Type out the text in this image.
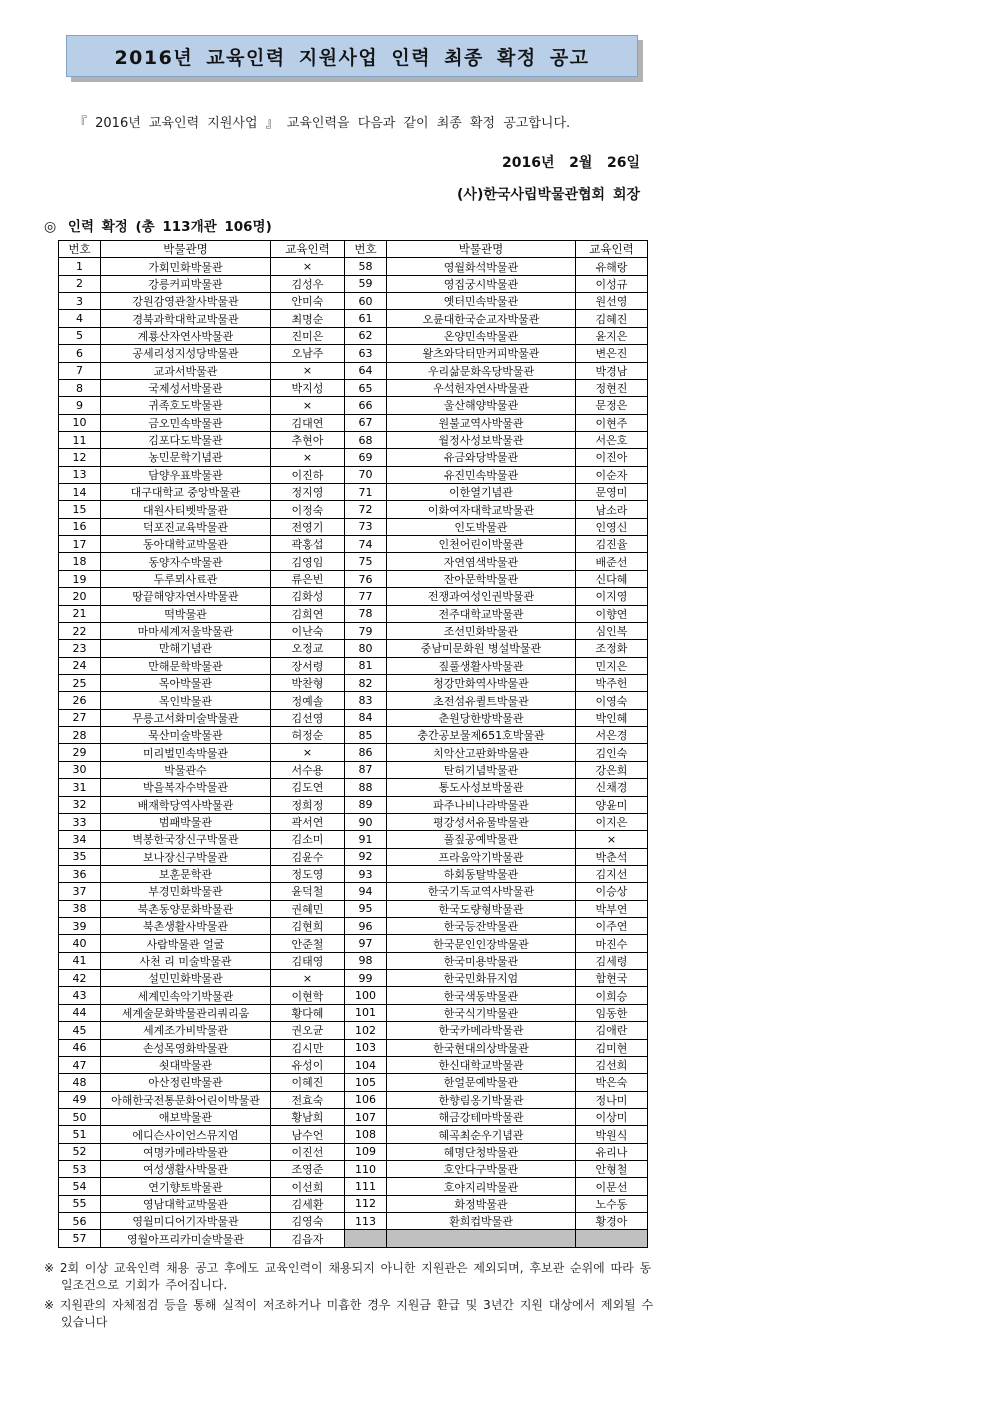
2016년 교육인력 지원사업 인력 최종 확정 공고
『 2016년 교육인력 지원사업 』 교육인력을 다음과 같이 최종 확정 공고합니다.
2016년   2월   26일
(사)한국사립박물관협회 회장
◎ 인력 확정 (총 113개관 106명)
번호	박물관명	교육인력	번호	박물관명	교육인력
1	가회민화박물관	×	58	영월화석박물관	유해랑
2	강릉커피박물관	김성우	59	영집궁시박물관	이성규
3	강원감영관찰사박물관	안미숙	60	옛터민속박물관	원선영
4	경북과학대학교박물관	최명순	61	오륜대한국순교자박물관	김혜진
5	계룡산자연사박물관	진미은	62	온양민속박물관	윤지은
6	공세리성지성당박물관	오남주	63	왈츠와닥터만커피박물관	변은진
7	교과서박물관	×	64	우리삶문화옥당박물관	박경남
8	국제성서박물관	박지성	65	우석헌자연사박물관	정현진
9	귀족호도박물관	×	66	울산해양박물관	문정은
10	금오민속박물관	김대연	67	원불교역사박물관	이현주
11	김포다도박물관	추현아	68	월정사성보박물관	서은호
12	농민문학기념관	×	69	유금와당박물관	이진아
13	담양우표박물관	이진하	70	유진민속박물관	이순자
14	대구대학교 중앙박물관	정지영	71	이한열기념관	문영미
15	대원사티벳박물관	이정숙	72	이화여자대학교박물관	남소라
16	덕포진교육박물관	전영기	73	인도박물관	인영신
17	동아대학교박물관	곽홍섭	74	인천어린이박물관	김진율
18	동양자수박물관	김영임	75	자연염색박물관	배준선
19	두루뫼사료관	류은빈	76	잔아문학박물관	신다혜
20	땅끝해양자연사박물관	김화성	77	전쟁과여성인권박물관	이지영
21	떡박물관	김희연	78	전주대학교박물관	이향연
22	마마세계저울박물관	이난숙	79	조선민화박물관	심인복
23	만해기념관	오정교	80	중남미문화원 병설박물관	조정화
24	만해문학박물관	장서령	81	짚풀생활사박물관	민지은
25	목아박물관	박찬형	82	청강만화역사박물관	박주헌
26	목인박물관	정예솔	83	초전섬유퀼트박물관	이영숙
27	무릉고서화미술박물관	김선영	84	춘원당한방박물관	박인혜
28	묵산미술박물관	허정순	85	충간공보물제651호박물관	서은경
29	미리벌민속박물관	×	86	치악산고판화박물관	김인숙
30	박물관수	서수용	87	탄허기념박물관	강은희
31	박을복자수박물관	김도연	88	통도사성보박물관	신채경
32	배재학당역사박물관	정희정	89	파주나비나라박물관	양윤미
33	범패박물관	곽서연	90	평강성서유물박물관	이지은
34	벽봉한국장신구박물관	김소미	91	풀짚공예박물관	×
35	보나장신구박물관	김윤수	92	프라움악기박물관	박춘석
36	보훈문학관	정도영	93	하회동탈박물관	김지선
37	부경민화박물관	윤덕철	94	한국기독교역사박물관	이승상
38	북촌동양문화박물관	권혜민	95	한국도량형박물관	박부연
39	북촌생활사박물관	김현희	96	한국등잔박물관	이주연
40	사람박물관 얼굴	안준철	97	한국문인인장박물관	마진수
41	사천 리 미술박물관	김태영	98	한국미용박물관	김세령
42	설민민화박물관	×	99	한국민화뮤지엄	함현국
43	세계민속악기박물관	이현학	100	한국색동박물관	이희승
44	세계술문화박물관리쿼리움	황다혜	101	한국식기박물관	임동한
45	세계조가비박물관	권오균	102	한국카메라박물관	김애란
46	손성목영화박물관	김시만	103	한국현대의상박물관	김미현
47	쇳대박물관	유성이	104	한신대학교박물관	김선희
48	아산정린박물관	이혜진	105	한얼문예박물관	박은숙
49	아해한국전통문화어린이박물관	전효숙	106	한향림옹기박물관	정나미
50	애보박물관	황남희	107	해금강테마박물관	이상미
51	에디슨사이언스뮤지엄	남수언	108	혜곡최순우기념관	박원식
52	여명카메라박물관	이진선	109	혜명단청박물관	유리나
53	여성생활사박물관	조영준	110	호안다구박물관	안형철
54	연기향토박물관	이선희	111	호야지리박물관	이문선
55	영남대학교박물관	김세환	112	화정박물관	노수동
56	영월미디어기자박물관	김영숙	113	환희컵박물관	황경아
57	영월아프리카미술박물관	김읍자			

※ 2회 이상 교육인력 채용 공고 후에도 교육인력이 채용되지 아니한 지원관은 제외되며, 후보관 순위에 따라 동일조건으로 기회가 주어집니다.

※ 지원관의 자체점검 등을 통해 실적이 저조하거나 미흡한 경우 지원금 환급 및 3년간 지원 대상에서 제외될 수 있습니다
